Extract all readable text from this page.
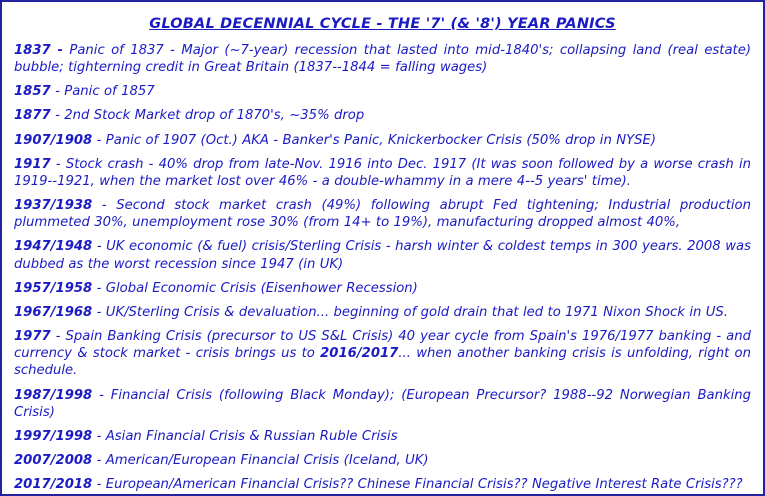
GLOBAL DECENNIAL CYCLE - THE '7' (& '8') YEAR PANICS

1837 - Panic of 1837 - Major (~7-year) recession that lasted into mid-1840's; collapsing land (real estate) bubble; tighterning credit in Great Britain (1837--1844 = falling wages)

1857 - Panic of 1857

1877 - 2nd Stock Market drop of 1870's, ~35% drop

1907/1908 - Panic of 1907 (Oct.) AKA - Banker's Panic, Knickerbocker Crisis (50% drop in NYSE)

1917 - Stock crash - 40% drop from late-Nov. 1916 into Dec. 1917 (It was soon followed by a worse crash in 1919--1921, when the market lost over 46% - a double-whammy in a mere 4--5 years' time).

1937/1938 - Second stock market crash (49%) following abrupt Fed tightening; Industrial production plummeted 30%, unemployment rose 30% (from 14+ to 19%), manufacturing dropped almost 40%,

1947/1948 - UK economic (& fuel) crisis/Sterling Crisis - harsh winter & coldest temps in 300 years. 2008 was dubbed as the worst recession since 1947 (in UK)

1957/1958 - Global Economic Crisis (Eisenhower Recession)

1967/1968 - UK/Sterling Crisis & devaluation... beginning of gold drain that led to 1971 Nixon Shock in US.

1977 - Spain Banking Crisis (precursor to US S&L Crisis) 40 year cycle from Spain's 1976/1977 banking - and currency & stock market - crisis brings us to 2016/2017... when another banking crisis is unfolding, right on schedule.

1987/1998 - Financial Crisis (following Black Monday); (European Precursor? 1988--92 Norwegian Banking Crisis)

1997/1998 - Asian Financial Crisis & Russian Ruble Crisis

2007/2008 - American/European Financial Crisis (Iceland, UK)

2017/2018 - European/American Financial Crisis?? Chinese Financial Crisis?? Negative Interest Rate Crisis???
